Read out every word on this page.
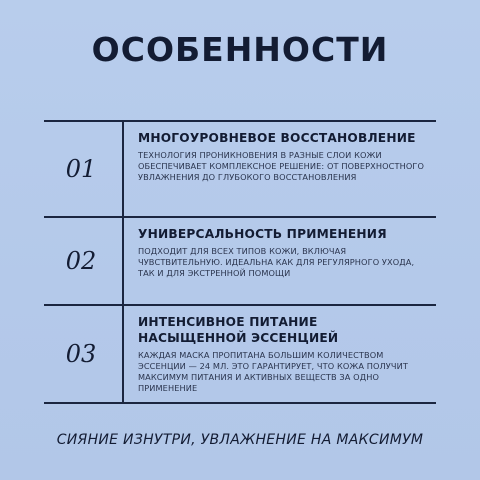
ОСОБЕННОСТИ
01
МНОГОУРОВНЕВОЕ ВОССТАНОВЛЕНИЕ
ТЕХНОЛОГИЯ ПРОНИКНОВЕНИЯ В РАЗНЫЕ СЛОИ КОЖИ ОБЕСПЕЧИВАЕТ КОМПЛЕКСНОЕ РЕШЕНИЕ: ОТ ПОВЕРХНОСТНОГО УВЛАЖНЕНИЯ ДО ГЛУБОКОГО ВОССТАНОВЛЕНИЯ
02
УНИВЕРСАЛЬНОСТЬ ПРИМЕНЕНИЯ
ПОДХОДИТ ДЛЯ ВСЕХ ТИПОВ КОЖИ, ВКЛЮЧАЯ ЧУВСТВИТЕЛЬНУЮ. ИДЕАЛЬНА КАК ДЛЯ РЕГУЛЯРНОГО УХОДА, ТАК И ДЛЯ ЭКСТРЕННОЙ ПОМОЩИ
03
ИНТЕНСИВНОЕ ПИТАНИЕ НАСЫЩЕННОЙ ЭССЕНЦИЕЙ
КАЖДАЯ МАСКА ПРОПИТАНА БОЛЬШИМ КОЛИЧЕСТВОМ ЭССЕНЦИИ — 24 МЛ. ЭТО ГАРАНТИРУЕТ, ЧТО КОЖА ПОЛУЧИТ МАКСИМУМ ПИТАНИЯ И АКТИВНЫХ ВЕЩЕСТВ ЗА ОДНО ПРИМЕНЕНИЕ
СИЯНИЕ ИЗНУТРИ, УВЛАЖНЕНИЕ НА МАКСИМУМ
